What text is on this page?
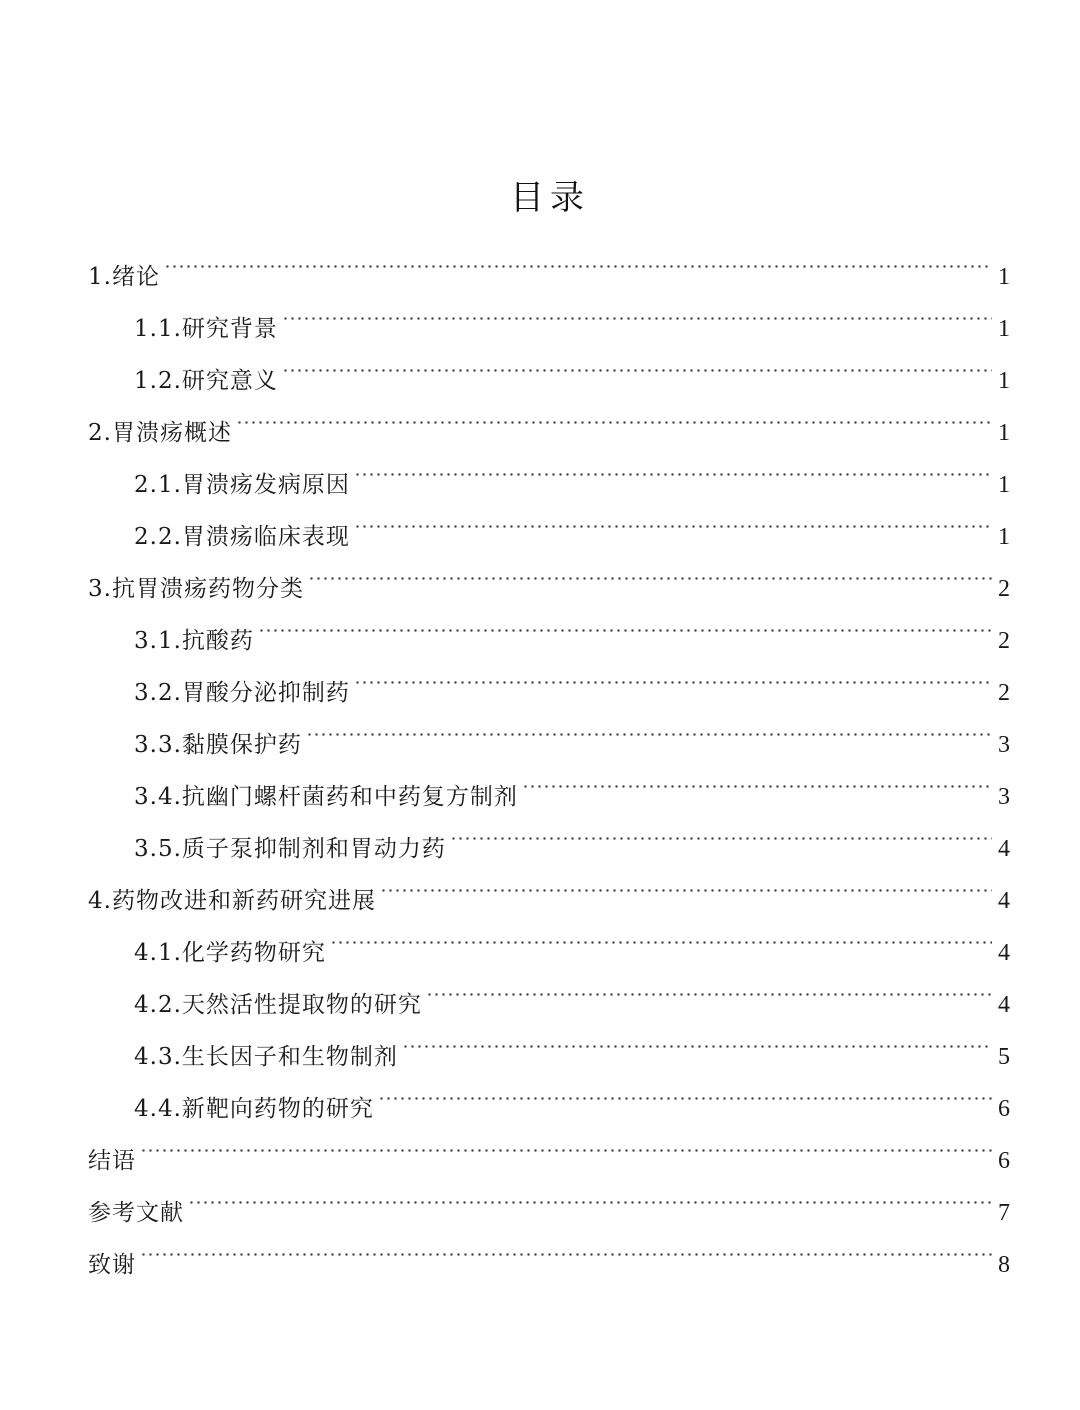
目录
1.绪论	1
1.1.研究背景	1
1.2.研究意义	1
2.胃溃疡概述	1
2.1.胃溃疡发病原因	1
2.2.胃溃疡临床表现	1
3.抗胃溃疡药物分类	2
3.1.抗酸药	2
3.2.胃酸分泌抑制药	2
3.3.黏膜保护药	3
3.4.抗幽门螺杆菌药和中药复方制剂	3
3.5.质子泵抑制剂和胃动力药	4
4.药物改进和新药研究进展	4
4.1.化学药物研究	4
4.2.天然活性提取物的研究	4
4.3.生长因子和生物制剂	5
4.4.新靶向药物的研究	6
结语	6
参考文献	7
致谢	8
